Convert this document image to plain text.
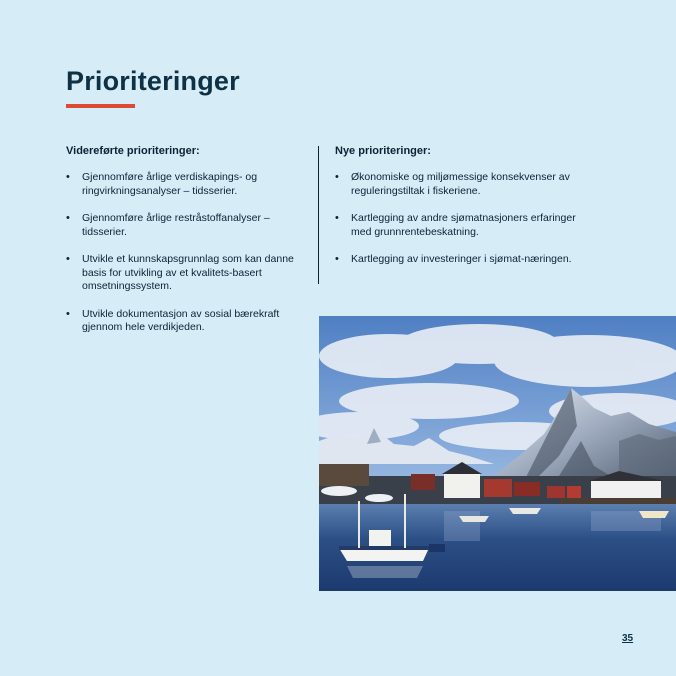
Prioriteringer
Videreførte prioriteringer:
• Gjennomføre årlige verdiskapings- og ringvirkningsanalyser – tidsserier.
• Gjennomføre årlige restråstoffanalyser – tidsserier.
• Utvikle et kunnskapsgrunnlag som kan danne basis for utvikling av et kvalitets-basert omsetningssystem.
• Utvikle dokumentasjon av sosial bærekraft gjennom hele verdikjeden.
Nye prioriteringer:
• Økonomiske og miljømessige konsekvenser av reguleringstiltak i fiskeriene.
• Kartlegging av andre sjømatnasjoners erfaringer med grunnrentebeskatning.
• Kartlegging av investeringer i sjømat-næringen.
35
